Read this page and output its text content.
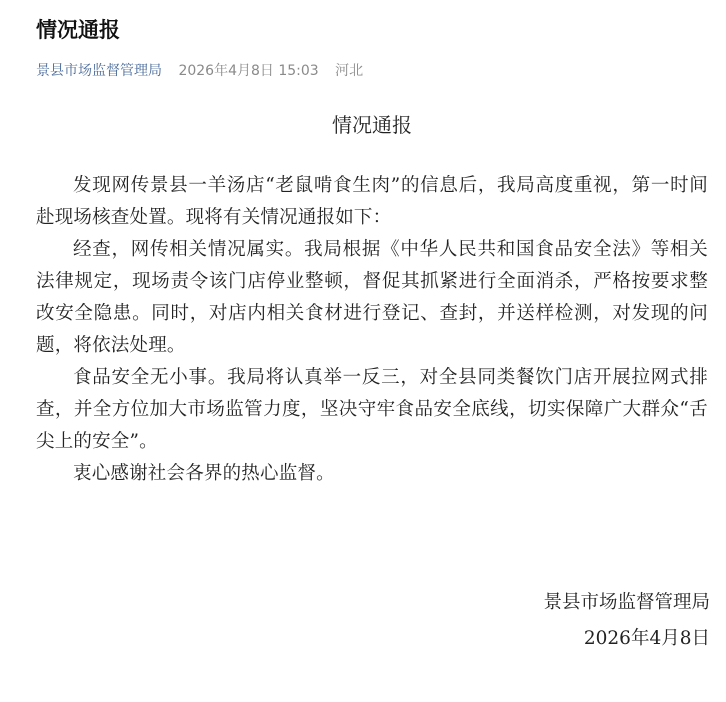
情况通报
景县市场监督管理局 2026年4月8日 15:03 河北
情况通报

发现网传景县一羊汤店“老鼠啃食生肉”的信息后，我局高度重视，第一时间赴现场核查处置。现将有关情况通报如下：

经查，网传相关情况属实。我局根据《中华人民共和国食品安全法》等相关法律规定，现场责令该门店停业整顿，督促其抓紧进行全面消杀，严格按要求整改安全隐患。同时，对店内相关食材进行登记、查封，并送样检测，对发现的问题，将依法处理。

食品安全无小事。我局将认真举一反三，对全县同类餐饮门店开展拉网式排查，并全方位加大市场监管力度，坚决守牢食品安全底线，切实保障广大群众“舌尖上的安全”。

衷心感谢社会各界的热心监督。

景县市场监督管理局
2026年4月8日
